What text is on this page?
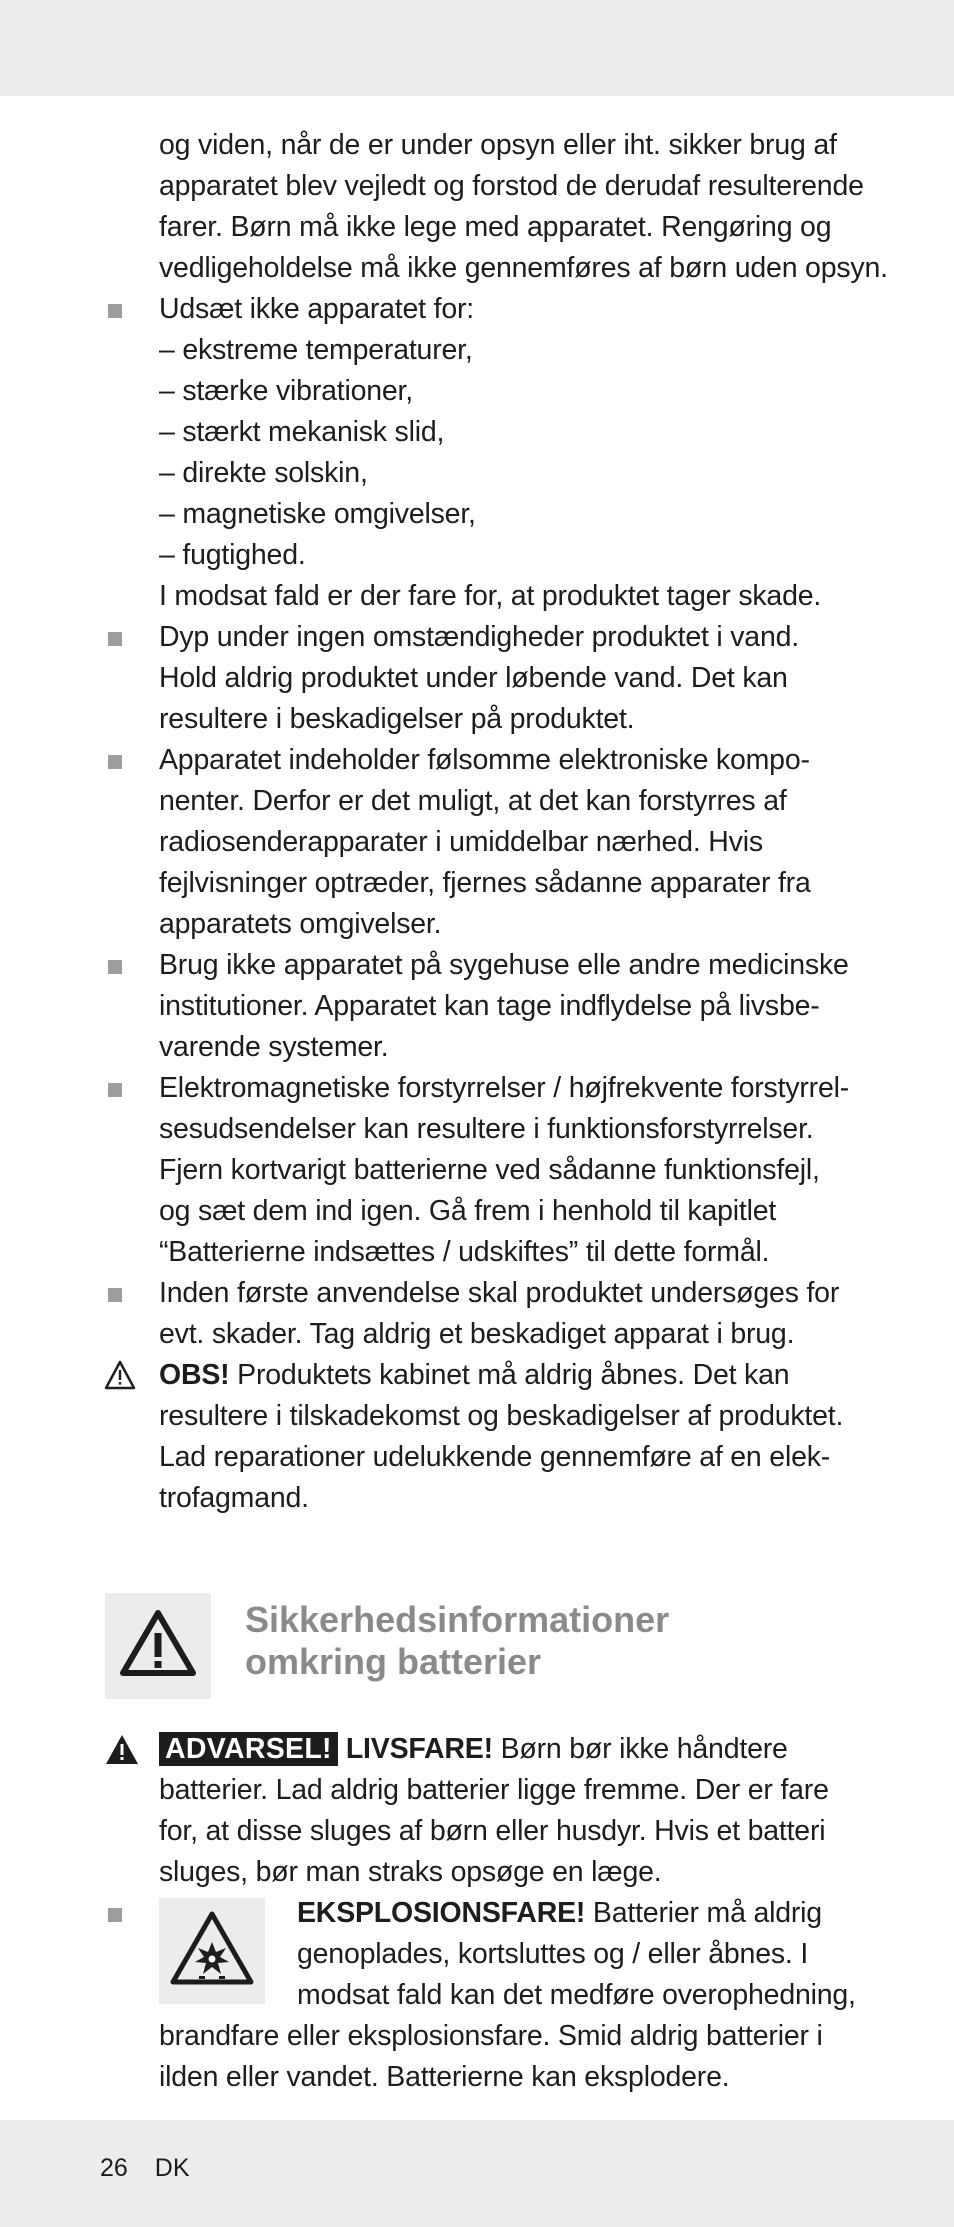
og viden, når de er under opsyn eller iht. sikker brug af
apparatet blev vejledt og forstod de derudaf resulterende
farer. Børn må ikke lege med apparatet. Rengøring og
vedligeholdelse må ikke gennemføres af børn uden opsyn.
Udsæt ikke apparatet for:
– ekstreme temperaturer,
– stærke vibrationer,
– stærkt mekanisk slid,
– direkte solskin,
– magnetiske omgivelser,
– fugtighed.
I modsat fald er der fare for, at produktet tager skade.
Dyp under ingen omstændigheder produktet i vand.
Hold aldrig produktet under løbende vand. Det kan
resultere i beskadigelser på produktet.
Apparatet indeholder følsomme elektroniske kompo-
nenter. Derfor er det muligt, at det kan forstyrres af
radiosenderapparater i umiddelbar nærhed. Hvis
fejlvisninger optræder, fjernes sådanne apparater fra
apparatets omgivelser.
Brug ikke apparatet på sygehuse elle andre medicinske
institutioner. Apparatet kan tage indflydelse på livsbe-
varende systemer.
Elektromagnetiske forstyrrelser / højfrekvente forstyrrel-
sesudsendelser kan resultere i funktionsforstyrrelser.
Fjern kortvarigt batterierne ved sådanne funktionsfejl,
og sæt dem ind igen. Gå frem i henhold til kapitlet
“Batterierne indsættes / udskiftes” til dette formål.
Inden første anvendelse skal produktet undersøges for
evt. skader. Tag aldrig et beskadiget apparat i brug.
OBS! Produktets kabinet må aldrig åbnes. Det kan
resultere i tilskadekomst og beskadigelser af produktet.
Lad reparationer udelukkende gennemføre af en elek-
trofagmand.
Sikkerhedsinformationer
omkring batterier
ADVARSEL! LIVSFARE! Børn bør ikke håndtere
batterier. Lad aldrig batterier ligge fremme. Der er fare
for, at disse sluges af børn eller husdyr. Hvis et batteri
sluges, bør man straks opsøge en læge.
EKSPLOSIONSFARE! Batterier må aldrig
genoplades, kortsluttes og / eller åbnes. I
modsat fald kan det medføre overophedning,
brandfare eller eksplosionsfare. Smid aldrig batterier i
ilden eller vandet. Batterierne kan eksplodere.
26 DK
